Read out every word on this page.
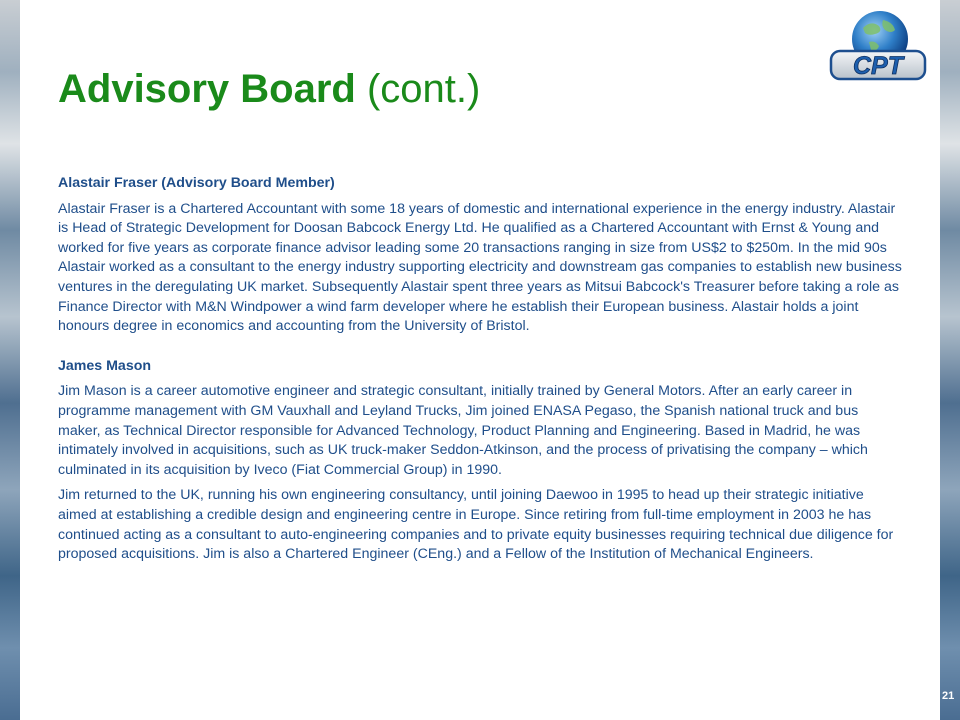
Advisory Board (cont.)
CPT
Alastair Fraser (Advisory Board Member)

Alastair Fraser is a Chartered Accountant with some 18 years of domestic and international experience in the energy industry. Alastair is Head of Strategic Development for Doosan Babcock Energy Ltd. He qualified as a Chartered Accountant with Ernst & Young and worked for five years as corporate finance advisor leading some 20 transactions ranging in size from US$2 to $250m. In the mid 90s Alastair worked as a consultant to the energy industry supporting electricity and downstream gas companies to establish new business ventures in the deregulating UK market. Subsequently Alastair spent three years as Mitsui Babcock's Treasurer before taking a role as Finance Director with M&N Windpower a wind farm developer where he establish their European business. Alastair holds a joint honours degree in economics and accounting from the University of Bristol.

James Mason

Jim Mason is a career automotive engineer and strategic consultant, initially trained by General Motors. After an early career in programme management with GM Vauxhall and Leyland Trucks, Jim joined ENASA Pegaso, the Spanish national truck and bus maker, as Technical Director responsible for Advanced Technology, Product Planning and Engineering. Based in Madrid, he was intimately involved in acquisitions, such as UK truck-maker Seddon-Atkinson, and the process of privatising the company – which culminated in its acquisition by Iveco (Fiat Commercial Group) in 1990.

Jim returned to the UK, running his own engineering consultancy, until joining Daewoo in 1995 to head up their strategic initiative aimed at establishing a credible design and engineering centre in Europe. Since retiring from full-time employment in 2003 he has continued acting as a consultant to auto-engineering companies and to private equity businesses requiring technical due diligence for proposed acquisitions. Jim is also a Chartered Engineer (CEng.) and a Fellow of the Institution of Mechanical Engineers.

21
